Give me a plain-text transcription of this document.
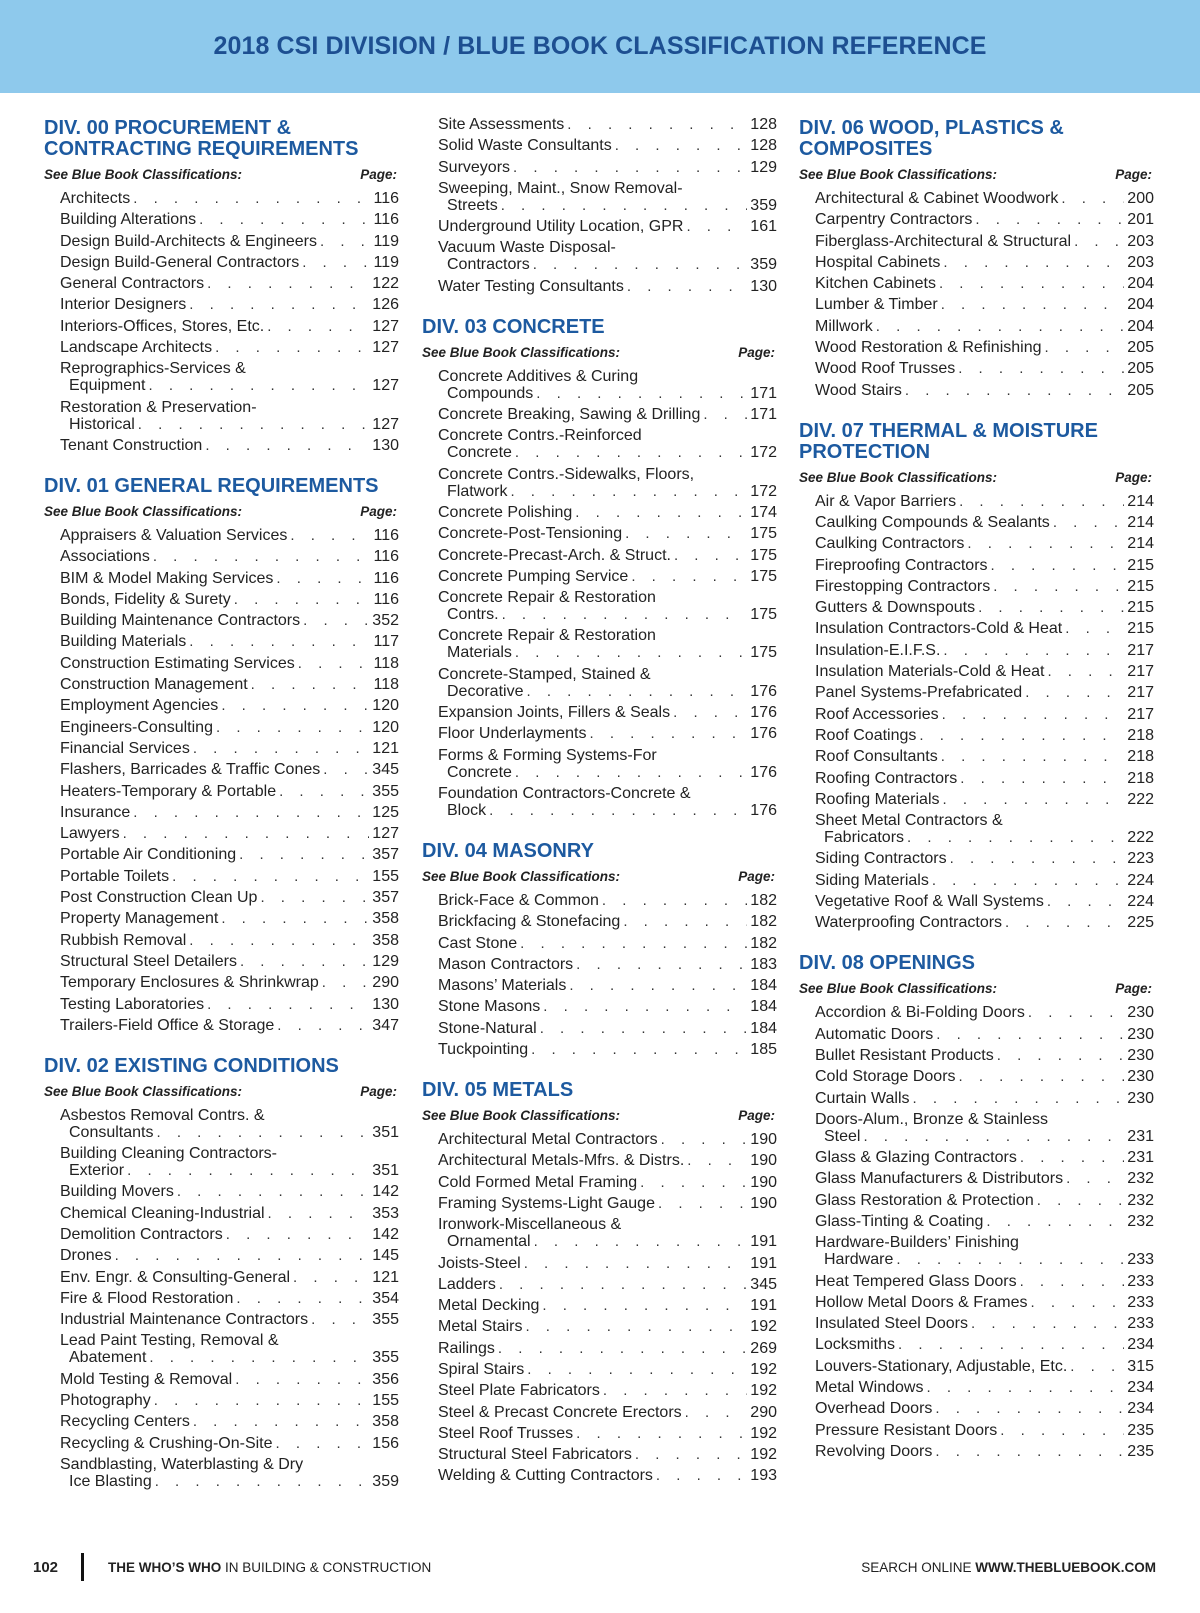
2018 CSI DIVISION / BLUE BOOK CLASSIFICATION REFERENCE
DIV. 00 PROCUREMENT &
CONTRACTING REQUIREMENTS
See Blue Book Classifications:	Page:
Architects . . .	116
Building Alterations . . .	116
Design Build-Architects & Engineers . . .	119
Design Build-General Contractors . . .	119
General Contractors . . .	122
Interior Designers . . .	126
Interiors-Offices, Stores, Etc. . . .	127
Landscape Architects . . .	127
Reprographics-Services &
Equipment . . .	127
Restoration & Preservation-
Historical . . .	127
Tenant Construction . . .	130
DIV. 01 GENERAL REQUIREMENTS
See Blue Book Classifications:	Page:
Appraisers & Valuation Services . . .	116
Associations . . .	116
BIM & Model Making Services . . .	116
Bonds, Fidelity & Surety . . .	116
Building Maintenance Contractors . . .	352
Building Materials . . .	117
Construction Estimating Services . . .	118
Construction Management . . .	118
Employment Agencies . . .	120
Engineers-Consulting . . .	120
Financial Services . . .	121
Flashers, Barricades & Traffic Cones . . .	345
Heaters-Temporary & Portable . . .	355
Insurance . . .	125
Lawyers . . .	127
Portable Air Conditioning . . .	357
Portable Toilets . . .	155
Post Construction Clean Up . . .	357
Property Management . . .	358
Rubbish Removal . . .	358
Structural Steel Detailers . . .	129
Temporary Enclosures & Shrinkwrap . . .	290
Testing Laboratories . . .	130
Trailers-Field Office & Storage . . .	347
DIV. 02 EXISTING CONDITIONS
See Blue Book Classifications:	Page:
Asbestos Removal Contrs. &
Consultants . . .	351
Building Cleaning Contractors-
Exterior . . .	351
Building Movers . . .	142
Chemical Cleaning-Industrial . . .	353
Demolition Contractors . . .	142
Drones . . .	145
Env. Engr. & Consulting-General . . .	121
Fire & Flood Restoration . . .	354
Industrial Maintenance Contractors . . .	355
Lead Paint Testing, Removal &
Abatement . . .	355
Mold Testing & Removal . . .	356
Photography . . .	155
Recycling Centers . . .	358
Recycling & Crushing-On-Site . . .	156
Sandblasting, Waterblasting & Dry
Ice Blasting . . .	359
Site Assessments . . .	128
Solid Waste Consultants . . .	128
Surveyors . . .	129
Sweeping, Maint., Snow Removal-
Streets . . .	359
Underground Utility Location, GPR . . .	161
Vacuum Waste Disposal-
Contractors . . .	359
Water Testing Consultants . . .	130
DIV. 03 CONCRETE
See Blue Book Classifications:	Page:
Concrete Additives & Curing
Compounds . . .	171
Concrete Breaking, Sawing & Drilling . . .	171
Concrete Contrs.-Reinforced
Concrete . . .	172
Concrete Contrs.-Sidewalks, Floors,
Flatwork . . .	172
Concrete Polishing . . .	174
Concrete-Post-Tensioning . . .	175
Concrete-Precast-Arch. & Struct. . . .	175
Concrete Pumping Service . . .	175
Concrete Repair & Restoration
Contrs. . . .	175
Concrete Repair & Restoration
Materials . . .	175
Concrete-Stamped, Stained &
Decorative . . .	176
Expansion Joints, Fillers & Seals . . .	176
Floor Underlayments . . .	176
Forms & Forming Systems-For
Concrete . . .	176
Foundation Contractors-Concrete &
Block . . .	176
DIV. 04 MASONRY
See Blue Book Classifications:	Page:
Brick-Face & Common . . .	182
Brickfacing & Stonefacing . . .	182
Cast Stone . . .	182
Mason Contractors . . .	183
Masons’ Materials . . .	184
Stone Masons . . .	184
Stone-Natural . . .	184
Tuckpointing . . .	185
DIV. 05 METALS
See Blue Book Classifications:	Page:
Architectural Metal Contractors . . .	190
Architectural Metals-Mfrs. & Distrs. . . .	190
Cold Formed Metal Framing . . .	190
Framing Systems-Light Gauge . . .	190
Ironwork-Miscellaneous &
Ornamental . . .	191
Joists-Steel . . .	191
Ladders . . .	345
Metal Decking . . .	191
Metal Stairs . . .	192
Railings . . .	269
Spiral Stairs . . .	192
Steel Plate Fabricators . . .	192
Steel & Precast Concrete Erectors . . .	290
Steel Roof Trusses . . .	192
Structural Steel Fabricators . . .	192
Welding & Cutting Contractors . . .	193
DIV. 06 WOOD, PLASTICS &
COMPOSITES
See Blue Book Classifications:	Page:
Architectural & Cabinet Woodwork . . .	200
Carpentry Contractors . . .	201
Fiberglass-Architectural & Structural . . .	203
Hospital Cabinets . . .	203
Kitchen Cabinets . . .	204
Lumber & Timber . . .	204
Millwork . . .	204
Wood Restoration & Refinishing . . .	205
Wood Roof Trusses . . .	205
Wood Stairs . . .	205
DIV. 07 THERMAL & MOISTURE
PROTECTION
See Blue Book Classifications:	Page:
Air & Vapor Barriers . . .	214
Caulking Compounds & Sealants . . .	214
Caulking Contractors . . .	214
Fireproofing Contractors . . .	215
Firestopping Contractors . . .	215
Gutters & Downspouts . . .	215
Insulation Contractors-Cold & Heat . . .	215
Insulation-E.I.F.S. . . .	217
Insulation Materials-Cold & Heat . . .	217
Panel Systems-Prefabricated . . .	217
Roof Accessories . . .	217
Roof Coatings . . .	218
Roof Consultants . . .	218
Roofing Contractors . . .	218
Roofing Materials . . .	222
Sheet Metal Contractors &
Fabricators . . .	222
Siding Contractors . . .	223
Siding Materials . . .	224
Vegetative Roof & Wall Systems . . .	224
Waterproofing Contractors . . .	225
DIV. 08 OPENINGS
See Blue Book Classifications:	Page:
Accordion & Bi-Folding Doors . . .	230
Automatic Doors . . .	230
Bullet Resistant Products . . .	230
Cold Storage Doors . . .	230
Curtain Walls . . .	230
Doors-Alum., Bronze & Stainless
Steel . . .	231
Glass & Glazing Contractors . . .	231
Glass Manufacturers & Distributors . . .	232
Glass Restoration & Protection . . .	232
Glass-Tinting & Coating . . .	232
Hardware-Builders’ Finishing
Hardware . . .	233
Heat Tempered Glass Doors . . .	233
Hollow Metal Doors & Frames . . .	233
Insulated Steel Doors . . .	233
Locksmiths . . .	234
Louvers-Stationary, Adjustable, Etc. . . .	315
Metal Windows . . .	234
Overhead Doors . . .	234
Pressure Resistant Doors . . .	235
Revolving Doors . . .	235
102	THE WHO’S WHO IN BUILDING & CONSTRUCTION	SEARCH ONLINE WWW.THEBLUEBOOK.COM
